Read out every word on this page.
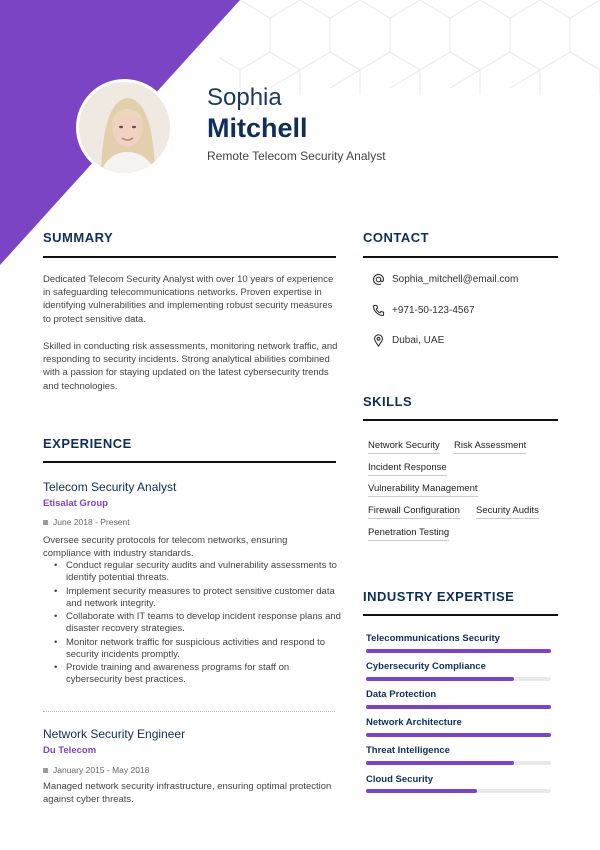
Sophia
Mitchell
Remote Telecom Security Analyst
SUMMARY
Dedicated Telecom Security Analyst with over 10 years of experience in safeguarding telecommunications networks. Proven expertise in identifying vulnerabilities and implementing robust security measures to protect sensitive data.
Skilled in conducting risk assessments, monitoring network traffic, and responding to security incidents. Strong analytical abilities combined with a passion for staying updated on the latest cybersecurity trends and technologies.
EXPERIENCE
Telecom Security Analyst
Etisalat Group
June 2018 - Present
Oversee security protocols for telecom networks, ensuring compliance with industry standards.
• Conduct regular security audits and vulnerability assessments to identify potential threats.
• Implement security measures to protect sensitive customer data and network integrity.
• Collaborate with IT teams to develop incident response plans and disaster recovery strategies.
• Monitor network traffic for suspicious activities and respond to security incidents promptly.
• Provide training and awareness programs for staff on cybersecurity best practices.
Network Security Engineer
Du Telecom
January 2015 - May 2018
Managed network security infrastructure, ensuring optimal protection against cyber threats.
CONTACT
Sophia_mitchell@email.com
+971-50-123-4567
Dubai, UAE
SKILLS
Network Security Risk Assessment
Incident Response
Vulnerability Management
Firewall Configuration Security Audits
Penetration Testing
INDUSTRY EXPERTISE
Telecommunications Security
Cybersecurity Compliance
Data Protection
Network Architecture
Threat Intelligence
Cloud Security
